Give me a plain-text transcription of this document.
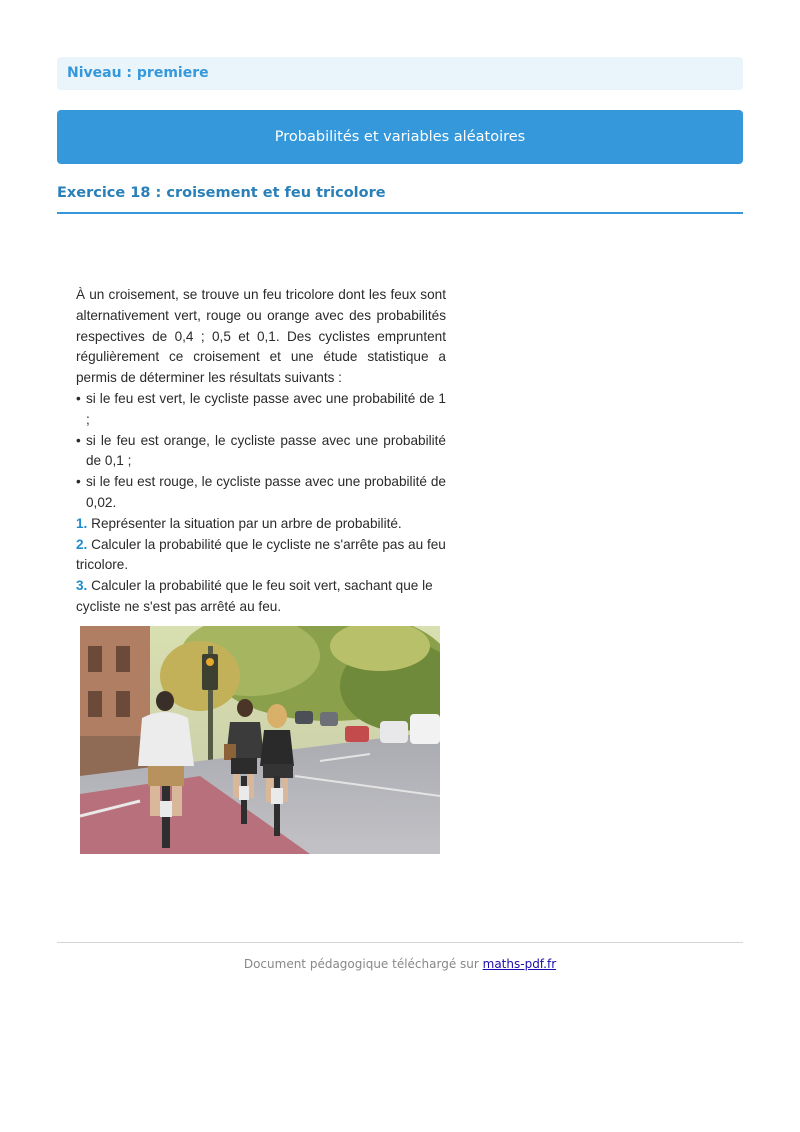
Niveau : premiere
Probabilités et variables aléatoires
Exercice 18 : croisement et feu tricolore

À un croisement, se trouve un feu tricolore dont les feux sont alternativement vert, rouge ou orange avec des probabilités respectives de 0,4 ; 0,5 et 0,1. Des cyclistes empruntent régulièrement ce croisement et une étude statistique a permis de déterminer les résultats suivants :

• si le feu est vert, le cycliste passe avec une probabilité de 1 ;

• si le feu est orange, le cycliste passe avec une probabilité de 0,1 ;

• si le feu est rouge, le cycliste passe avec une probabilité de 0,02.

1. Représenter la situation par un arbre de probabilité.

2. Calculer la probabilité que le cycliste ne s'arrête pas au feu tricolore.

3. Calculer la probabilité que le feu soit vert, sachant que le cycliste ne s'est pas arrêté au feu.

Document pédagogique téléchargé sur maths-pdf.fr
